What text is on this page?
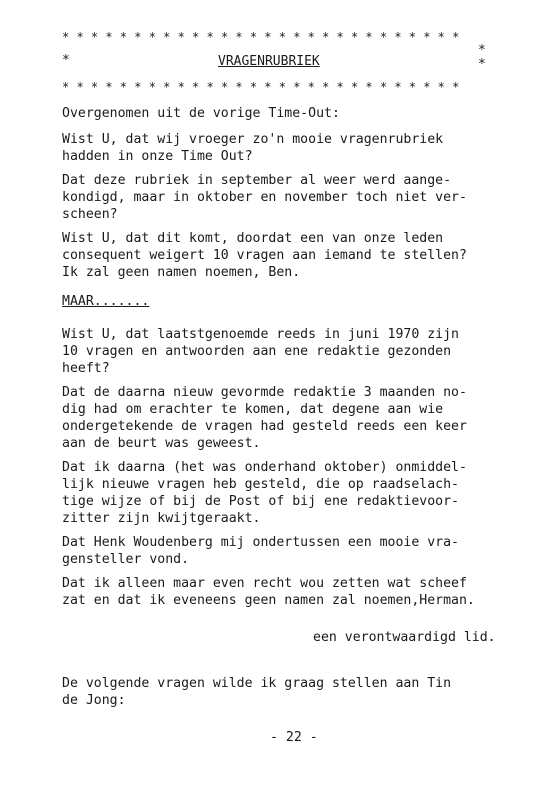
* * * * * * * * * * * * * * * * * * * * * * * * * * * *
*	VRAGENRUBRIEK
*
*
* * * * * * * * * * * * * * * * * * * * * * * * * * * *
Overgenomen uit de vorige Time-Out:
Wist U, dat wij vroeger zo'n mooie vragenrubriek
hadden in onze Time Out?
Dat deze rubriek in september al weer werd aange-
kondigd, maar in oktober en november toch niet ver-
scheen?
Wist U, dat dit komt, doordat een van onze leden
consequent weigert 10 vragen aan iemand te stellen?
Ik zal geen namen noemen, Ben.
MAAR.......
Wist U, dat laatstgenoemde reeds in juni 1970 zijn
10 vragen en antwoorden aan ene redaktie gezonden
heeft?
Dat de daarna nieuw gevormde redaktie 3 maanden no-
dig had om erachter te komen, dat degene aan wie
ondergetekende de vragen had gesteld reeds een keer
aan de beurt was geweest.
Dat ik daarna (het was onderhand oktober) onmiddel-
lijk nieuwe vragen heb gesteld, die op raadselach-
tige wijze of bij de Post of bij ene redaktievoor-
zitter zijn kwijtgeraakt.
Dat Henk Woudenberg mij ondertussen een mooie vra-
gensteller vond.
Dat ik alleen maar even recht wou zetten wat scheef
zat en dat ik eveneens geen namen zal noemen,Herman.
een verontwaardigd lid.
De volgende vragen wilde ik graag stellen aan Tin
de Jong:
- 22 -
